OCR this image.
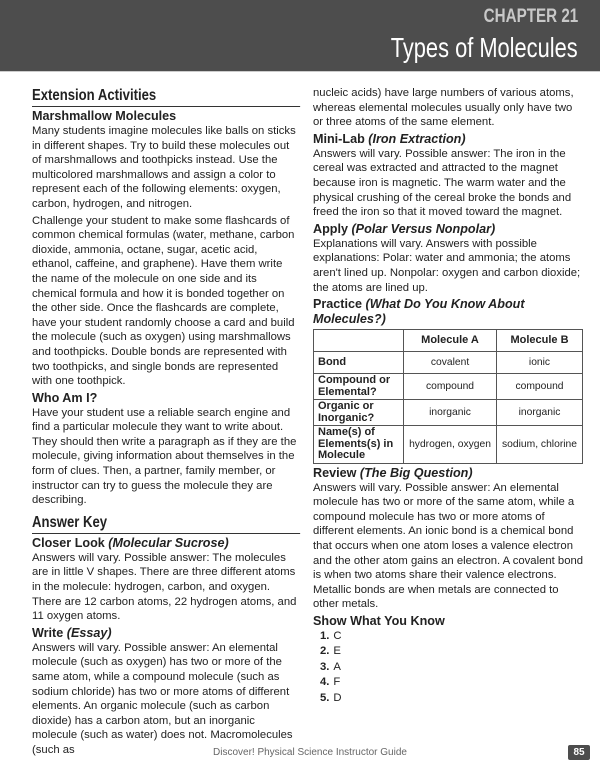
CHAPTER 21
Types of Molecules
Extension Activities
Marshmallow Molecules

Many students imagine molecules like balls on sticks in different shapes. Try to build these molecules out of marshmallows and toothpicks instead. Use the multicolored marshmallows and assign a color to represent each of the following elements: oxygen, carbon, hydrogen, and nitrogen.

Challenge your student to make some flashcards of common chemical formulas (water, methane, carbon dioxide, ammonia, octane, sugar, acetic acid, ethanol, caffeine, and graphene). Have them write the name of the molecule on one side and its chemical formula and how it is bonded together on the other side. Once the flashcards are complete, have your student randomly choose a card and build the molecule (such as oxygen) using marshmallows and toothpicks. Double bonds are represented with two toothpicks, and single bonds are represented with one toothpick.

Who Am I?

Have your student use a reliable search engine and find a particular molecule they want to write about. They should then write a paragraph as if they are the molecule, giving information about themselves in the form of clues. Then, a partner, family member, or instructor can try to guess the molecule they are describing.

Answer Key
Closer Look (Molecular Sucrose)

Answers will vary. Possible answer: The molecules are in little V shapes. There are three different atoms in the molecule: hydrogen, carbon, and oxygen. There are 12 carbon atoms, 22 hydrogen atoms, and 11 oxygen atoms.

Write (Essay)

Answers will vary. Possible answer: An elemental molecule (such as oxygen) has two or more of the same atom, while a compound molecule (such as sodium chloride) has two or more atoms of different elements. An organic molecule (such as carbon dioxide) has a carbon atom, but an inorganic molecule (such as water) does not. Macromolecules (such as

nucleic acids) have large numbers of various atoms, whereas elemental molecules usually only have two or three atoms of the same element.

Mini-Lab (Iron Extraction)

Answers will vary. Possible answer: The iron in the cereal was extracted and attracted to the magnet because iron is magnetic. The warm water and the physical crushing of the cereal broke the bonds and freed the iron so that it moved toward the magnet.

Apply (Polar Versus Nonpolar)

Explanations will vary. Answers with possible explanations: Polar: water and ammonia; the atoms aren't lined up. Nonpolar: oxygen and carbon dioxide; the atoms are lined up.

Practice (What Do You Know About Molecules?)
	Molecule A	Molecule B
Bond	covalent	ionic
Compound or Elemental?	compound	compound
Organic or Inorganic?	inorganic	inorganic
Name(s) of Elements(s) in Molecule	hydrogen, oxygen	sodium, chlorine
Review (The Big Question)

Answers will vary. Possible answer: An elemental molecule has two or more of the same atom, while a compound molecule has two or more atoms of different elements. An ionic bond is a chemical bond that occurs when one atom loses a valence electron and the other atom gains an electron. A covalent bond is when two atoms share their valence electrons. Metallic bonds are when metals are connected to other metals.

Show What You Know
1. C
2. E
3. A
4. F
5. D
Discover! Physical Science Instructor Guide	85
